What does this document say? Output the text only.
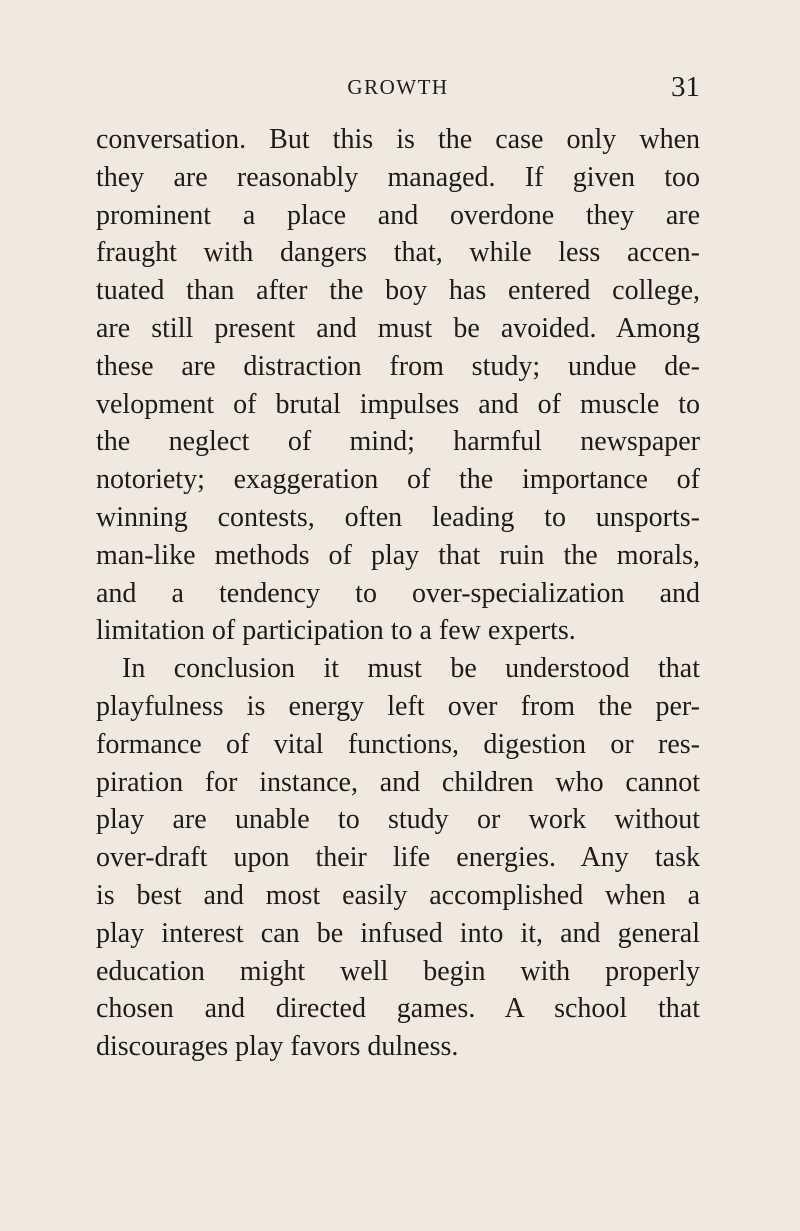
GROWTH	31
conversation. But this is the case only when
they are reasonably managed. If given too
prominent a place and overdone they are
fraught with dangers that, while less accen-
tuated than after the boy has entered college,
are still present and must be avoided. Among
these are distraction from study; undue de-
velopment of brutal impulses and of muscle to
the neglect of mind; harmful newspaper
notoriety; exaggeration of the importance of
winning contests, often leading to unsports-
man-like methods of play that ruin the morals,
and a tendency to over-specialization and
limitation of participation to a few experts.
In conclusion it must be understood that
playfulness is energy left over from the per-
formance of vital functions, digestion or res-
piration for instance, and children who cannot
play are unable to study or work without
over-draft upon their life energies. Any task
is best and most easily accomplished when a
play interest can be infused into it, and general
education might well begin with properly
chosen and directed games. A school that
discourages play favors dulness.
